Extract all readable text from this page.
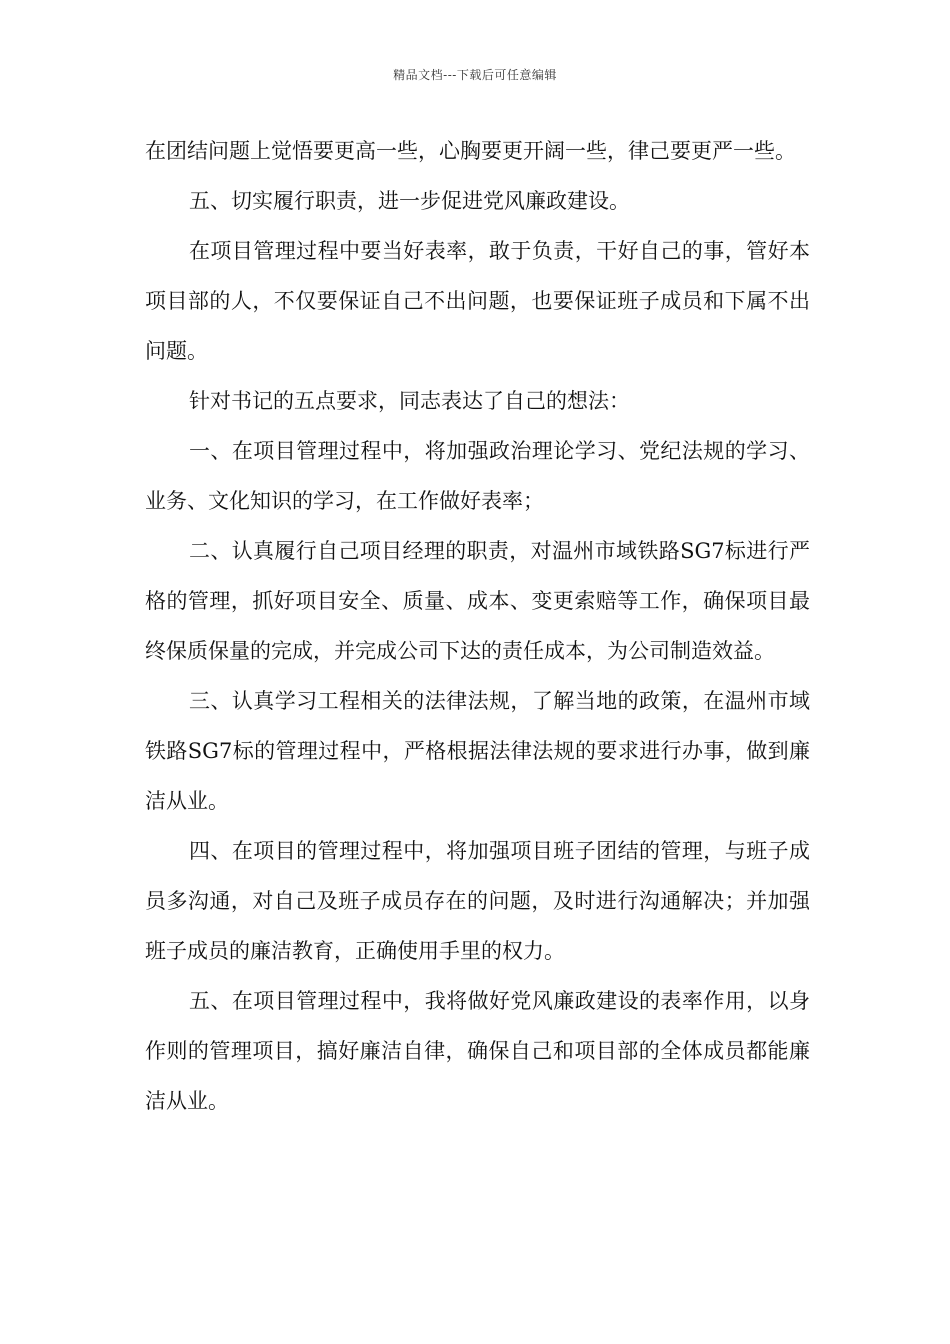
精品文档---下载后可任意编辑

在团结问题上觉悟要更高一些，心胸要更开阔一些，律己要更严一些。

五、切实履行职责，进一步促进党风廉政建设。

在项目管理过程中要当好表率，敢于负责，干好自己的事，管好本项目部的人，不仅要保证自己不出问题，也要保证班子成员和下属不出问题。

针对书记的五点要求，同志表达了自己的想法：

一、在项目管理过程中，将加强政治理论学习、党纪法规的学习、业务、文化知识的学习，在工作做好表率；

二、认真履行自己项目经理的职责，对温州市域铁路SG7标进行严格的管理，抓好项目安全、质量、成本、变更索赔等工作，确保项目最终保质保量的完成，并完成公司下达的责任成本，为公司制造效益。

三、认真学习工程相关的法律法规，了解当地的政策，在温州市域铁路SG7标的管理过程中，严格根据法律法规的要求进行办事，做到廉洁从业。

四、在项目的管理过程中，将加强项目班子团结的管理，与班子成员多沟通，对自己及班子成员存在的问题，及时进行沟通解决；并加强班子成员的廉洁教育，正确使用手里的权力。

五、在项目管理过程中，我将做好党风廉政建设的表率作用，以身作则的管理项目，搞好廉洁自律，确保自己和项目部的全体成员都能廉洁从业。
